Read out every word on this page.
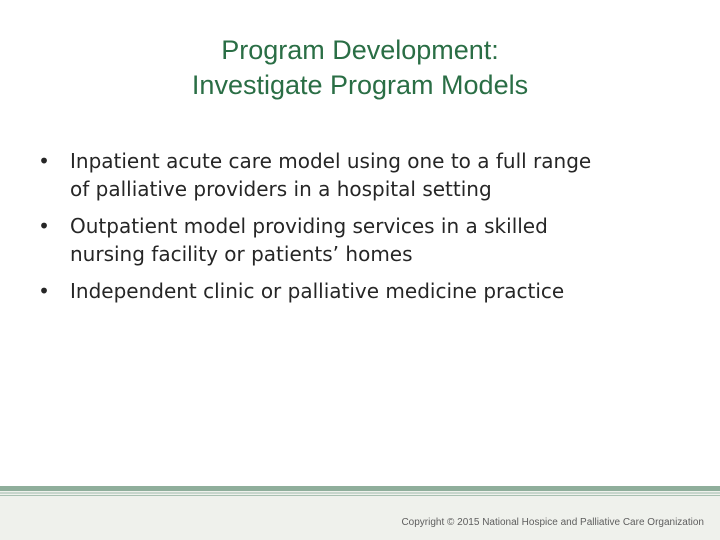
Program Development:
Investigate Program Models
• Inpatient acute care model using one to a full range
of palliative providers in a hospital setting
• Outpatient model providing services in a skilled
nursing facility or patients’ homes
• Independent clinic or palliative medicine practice
Copyright © 2015 National Hospice and Palliative Care Organization
